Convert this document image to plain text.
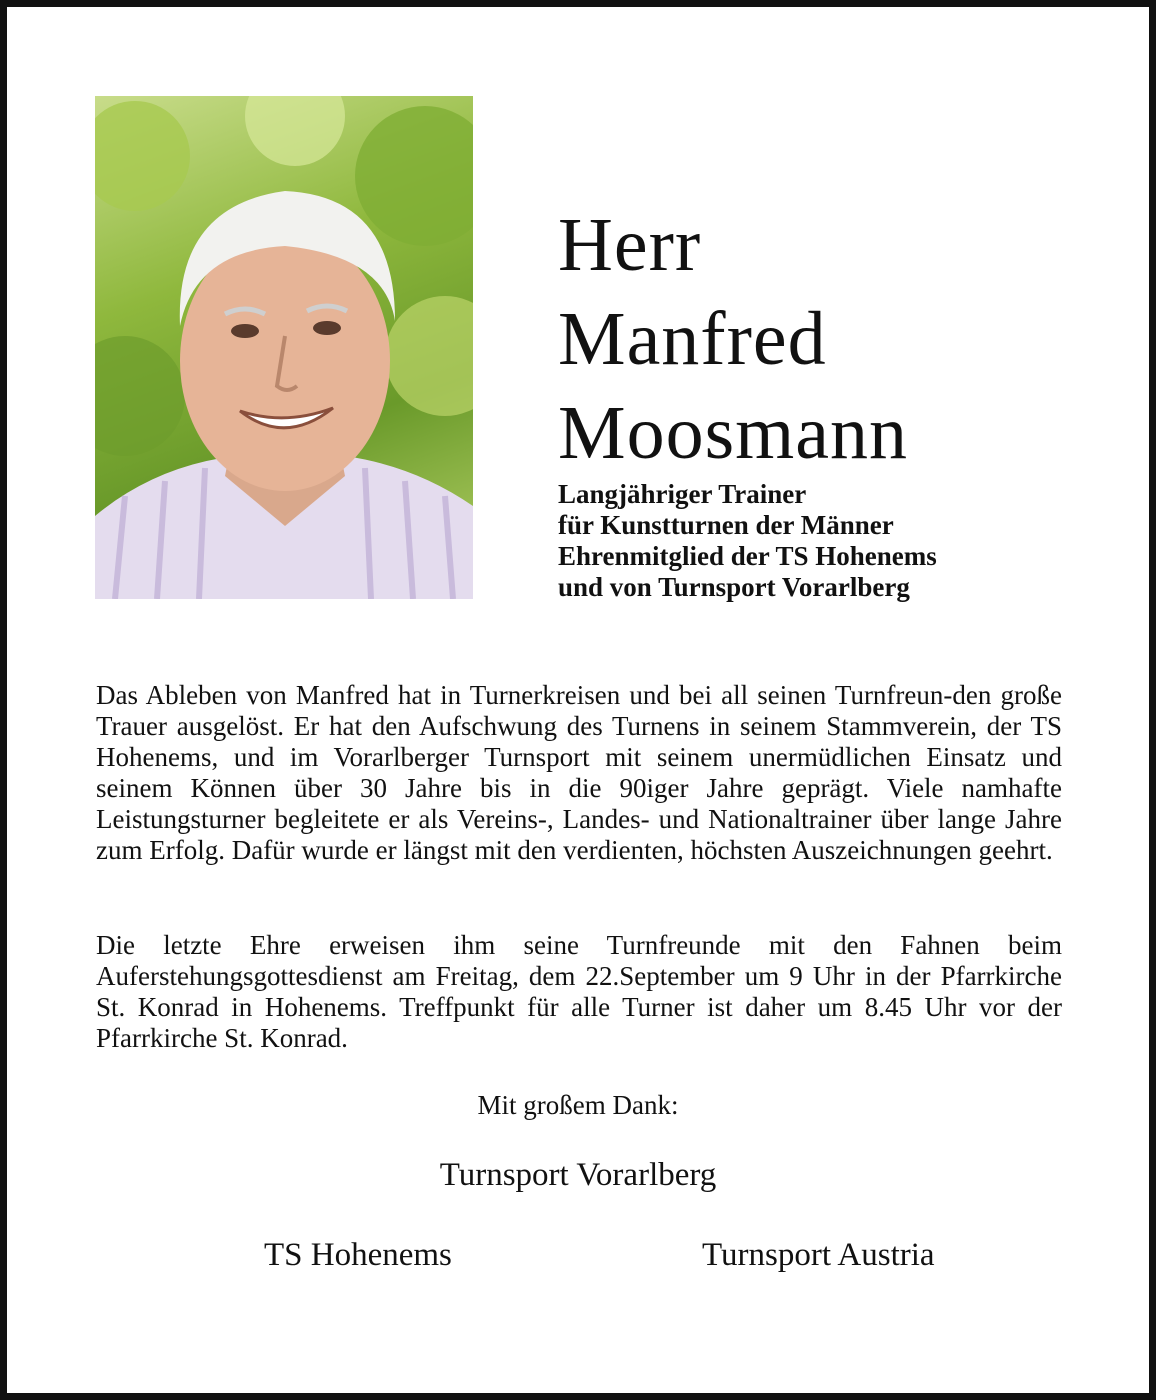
Herr
Manfred
Moosmann
Langjähriger Trainer
für Kunstturnen der Männer
Ehrenmitglied der TS Hohenems
und von Turnsport Vorarlberg

Das Ableben von Manfred hat in Turnerkreisen und bei all seinen Turnfreun-den große Trauer ausgelöst. Er hat den Aufschwung des Turnens in seinem Stammverein, der TS Hohenems, und im Vorarlberger Turnsport mit seinem unermüdlichen Einsatz und seinem Können über 30 Jahre bis in die 90iger Jahre geprägt. Viele namhafte Leistungsturner begleitete er als Vereins-, Landes- und Nationaltrainer über lange Jahre zum Erfolg. Dafür wurde er längst mit den verdienten, höchsten Auszeichnungen geehrt.

Die letzte Ehre erweisen ihm seine Turnfreunde mit den Fahnen beim Auferstehungsgottesdienst am Freitag, dem 22.September um 9 Uhr in der Pfarrkirche St. Konrad in Hohenems. Treffpunkt für alle Turner ist daher um 8.45 Uhr vor der Pfarrkirche St. Konrad.

Mit großem Dank:
Turnsport Vorarlberg
TS Hohenems	Turnsport Austria
